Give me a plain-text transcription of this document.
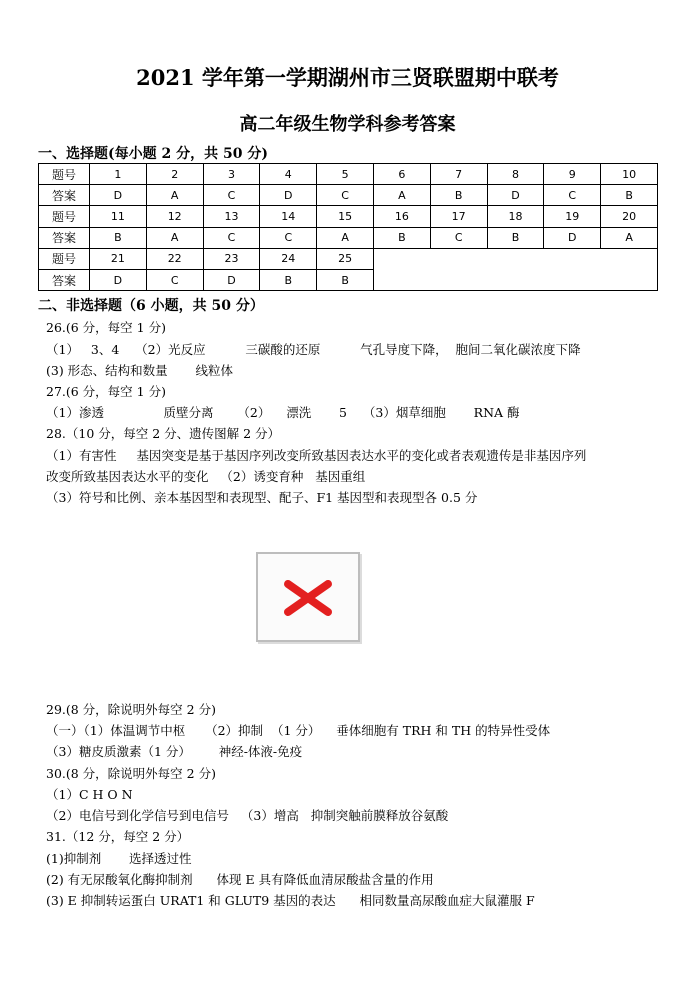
2021 学年第一学期湖州市三贤联盟期中联考
高二年级生物学科参考答案
一、选择题(每小题 2 分，共 50 分)
题号	1	2	3	4	5	6	7	8	9	10
答案	D	A	C	D	C	A	B	D	C	B
题号	11	12	13	14	15	16	17	18	19	20
答案	B	A	C	C	A	B	C	B	D	A
题号	21	22	23	24	25					
答案	D	C	D	B	B					
二、非选择题（6 小题，共 50 分）
26.(6 分，每空 1 分)
（1）   3、4    （2）光反应          三碳酸的还原          气孔导度下降，  胞间二氧化碳浓度下降
(3) 形态、结构和数量       线粒体
27.(6 分，每空 1 分)
（1）渗透               质壁分离      （2）    漂洗       5    （3）烟草细胞       RNA 酶
28.（10 分，每空 2 分、遗传图解 2 分）
（1）有害性     基因突变是基于基因序列改变所致基因表达水平的变化或者表观遗传是非基因序列
改变所致基因表达水平的变化   （2）诱变育种   基因重组
（3）符号和比例、亲本基因型和表现型、配子、F1 基因型和表现型各 0.5 分
29.(8 分，除说明外每空 2 分)
（一）（1）体温调节中枢     （2）抑制  （1 分）    垂体细胞有 TRH 和 TH 的特异性受体
（3）糖皮质激素（1 分）       神经-体液-免疫
30.(8 分，除说明外每空 2 分)
（1）C H O N
（2）电信号到化学信号到电信号   （3）增高   抑制突触前膜释放谷氨酸
31.（12 分，每空 2 分）
(1)抑制剂       选择透过性
(2) 有无尿酸氧化酶抑制剂      体现 E 具有降低血清尿酸盐含量的作用
(3) E 抑制转运蛋白 URAT1 和 GLUT9 基因的表达      相同数量高尿酸血症大鼠灌服 F
